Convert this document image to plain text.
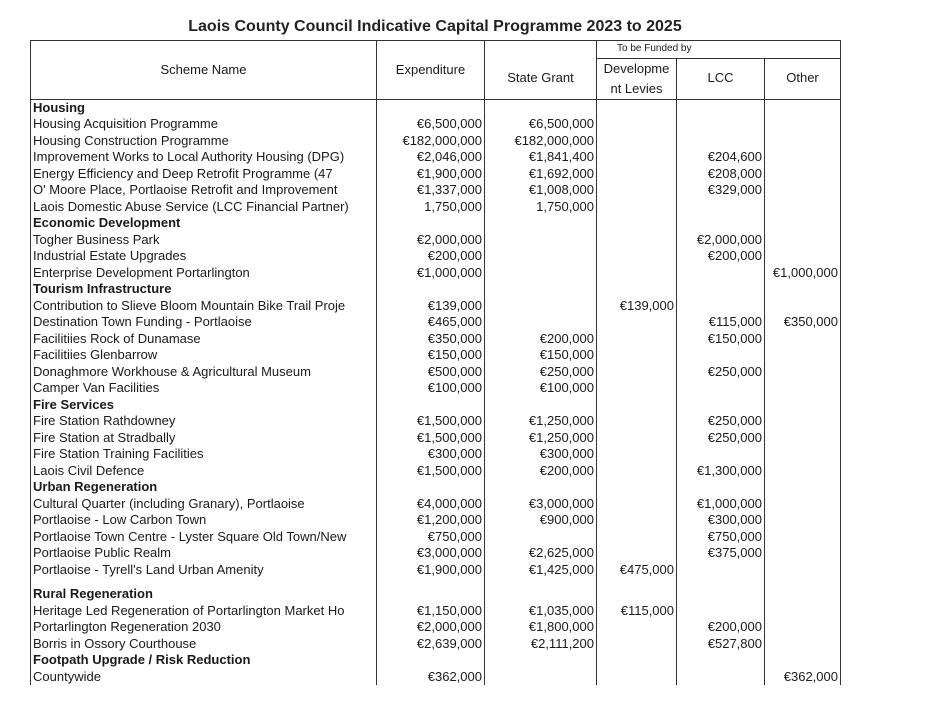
Laois County Council Indicative Capital Programme 2023 to 2025
Scheme Name	Expenditure		To be Funded by		
		State Grant	Developme nt Levies	LCC	Other
Housing					
Housing Acquisition Programme	€6,500,000	€6,500,000			
Housing Construction Programme	€182,000,000	€182,000,000			
Improvement Works to Local Authority Housing (DPG)	€2,046,000	€1,841,400		€204,600	
Energy Efficiency and Deep Retrofit Programme (47	€1,900,000	€1,692,000		€208,000	
O' Moore Place, Portlaoise Retrofit and Improvement	€1,337,000	€1,008,000		€329,000	
Laois Domestic Abuse Service (LCC Financial Partner)	1,750,000	1,750,000			
Economic Development					
Togher Business Park	€2,000,000			€2,000,000	
Industrial Estate Upgrades	€200,000			€200,000	
Enterprise Development Portarlington	€1,000,000				€1,000,000
Tourism Infrastructure					
Contribution to Slieve Bloom Mountain Bike Trail Proje	€139,000		€139,000		
Destination Town Funding - Portlaoise	€465,000			€115,000	€350,000
Facilitiies Rock of Dunamase	€350,000	€200,000		€150,000	
Facilitiies Glenbarrow	€150,000	€150,000			
Donaghmore Workhouse & Agricultural Museum	€500,000	€250,000		€250,000	
Camper Van Facilities	€100,000	€100,000			
Fire Services					
Fire Station Rathdowney	€1,500,000	€1,250,000		€250,000	
Fire Station at Stradbally	€1,500,000	€1,250,000		€250,000	
Fire Station Training Facilities	€300,000	€300,000			
Laois Civil Defence	€1,500,000	€200,000		€1,300,000	
Urban Regeneration					
Cultural Quarter (including Granary), Portlaoise	€4,000,000	€3,000,000		€1,000,000	
Portlaoise - Low Carbon Town	€1,200,000	€900,000		€300,000	
Portlaoise Town Centre - Lyster Square Old Town/New	€750,000			€750,000	
Portlaoise Public Realm	€3,000,000	€2,625,000		€375,000	
Portlaoise - Tyrell's Land Urban Amenity	€1,900,000	€1,425,000	€475,000		

Rural Regeneration					
Heritage Led Regeneration of Portarlington Market Ho	€1,150,000	€1,035,000	€115,000		
Portarlington Regeneration 2030	€2,000,000	€1,800,000		€200,000	
Borris in Ossory Courthouse	€2,639,000	€2,111,200		€527,800	
Footpath Upgrade / Risk Reduction					
Countywide	€362,000				€362,000
